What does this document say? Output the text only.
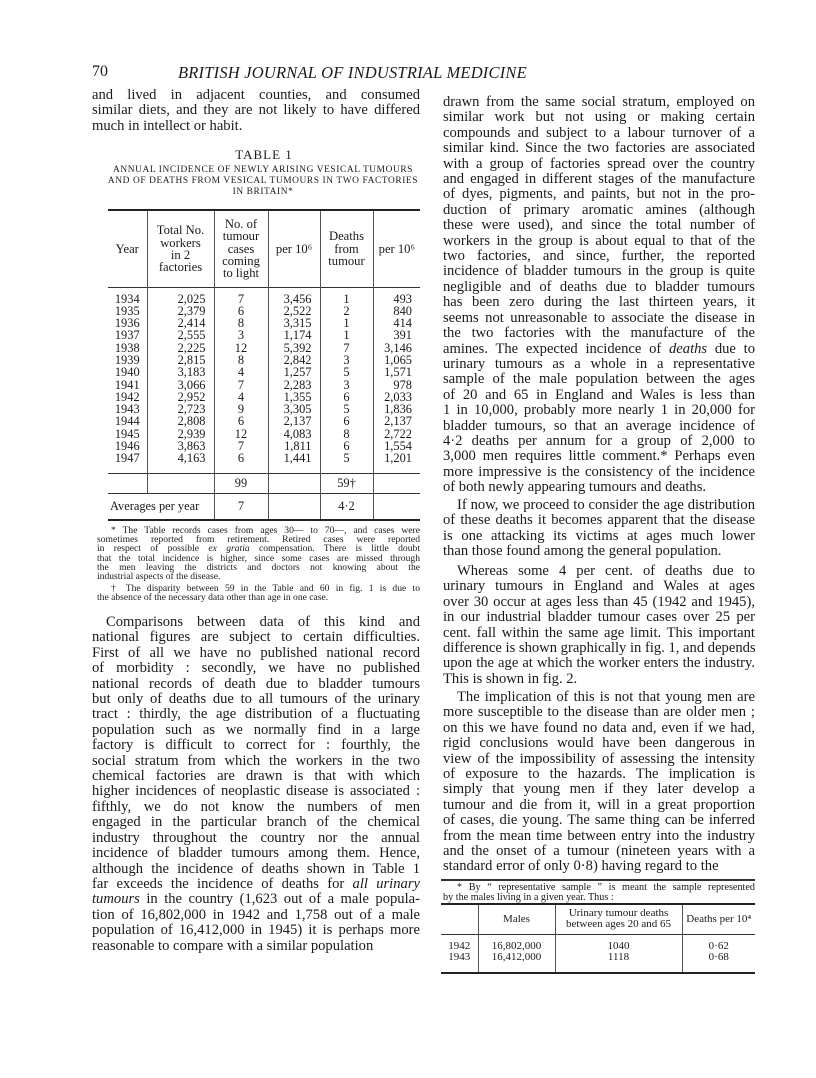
70	BRITISH JOURNAL OF INDUSTRIAL MEDICINE
and lived in adjacent counties, and consumed
similar diets, and they are not likely to have differed
much in intellect or habit.
TABLE 1
ANNUAL INCIDENCE OF NEWLY ARISING VESICAL TUMOURS
AND OF DEATHS FROM VESICAL TUMOURS IN TWO FACTORIES
IN BRITAIN*
Year	Total No.
workers
in 2
factories	No. of
tumour
cases
coming
to light	per 10⁶	Deaths
from
tumour	per 10⁶
1934	2,025	7	3,456	1	493
1935	2,379	6	2,522	2	840
1936	2,414	8	3,315	1	414
1937	2,555	3	1,174	1	391
1938	2,225	12	5,392	7	3,146
1939	2,815	8	2,842	3	1,065
1940	3,183	4	1,257	5	1,571
1941	3,066	7	2,283	3	978
1942	2,952	4	1,355	6	2,033
1943	2,723	9	3,305	5	1,836
1944	2,808	6	2,137	6	2,137
1945	2,939	12	4,083	8	2,722
1946	3,863	7	1,811	6	1,554
1947	4,163	6	1,441	5	1,201
		99		59†	
Averages per year		7		4·2	
* The Table records cases from ages 30— to 70—, and cases were
sometimes reported from retirement. Retired cases were reported
in respect of possible ex gratia compensation. There is little doubt
that the total incidence is higher, since some cases are missed through
the men leaving the districts and doctors not knowing about the
industrial aspects of the disease.
† The disparity between 59 in the Table and 60 in fig. 1 is due to
the absence of the necessary data other than age in one case.
Comparisons between data of this kind and
national figures are subject to certain difficulties.
First of all we have no published national record
of morbidity : secondly, we have no published
national records of death due to bladder tumours
but only of deaths due to all tumours of the urinary
tract : thirdly, the age distribution of a fluctuating
population such as we normally find in a large
factory is difficult to correct for : fourthly, the
social stratum from which the workers in the two
chemical factories are drawn is that with which
higher incidences of neoplastic disease is associated :
fifthly, we do not know the numbers of men
engaged in the particular branch of the chemical
industry throughout the country nor the annual
incidence of bladder tumours among them. Hence,
although the incidence of deaths shown in Table 1
far exceeds the incidence of deaths for all urinary
tumours in the country (1,623 out of a male popula-
tion of 16,802,000 in 1942 and 1,758 out of a male
population of 16,412,000 in 1945) it is perhaps more
reasonable to compare with a similar population
drawn from the same social stratum, employed on
similar work but not using or making certain
compounds and subject to a labour turnover of a
similar kind. Since the two factories are associated
with a group of factories spread over the country
and engaged in different stages of the manufacture
of dyes, pigments, and paints, but not in the pro-
duction of primary aromatic amines (although
these were used), and since the total number of
workers in the group is about equal to that of the
two factories, and since, further, the reported
incidence of bladder tumours in the group is quite
negligible and of deaths due to bladder tumours
has been zero during the last thirteen years, it
seems not unreasonable to associate the disease in
the two factories with the manufacture of the
amines. The expected incidence of deaths due to
urinary tumours as a whole in a representative
sample of the male population between the ages
of 20 and 65 in England and Wales is less than
1 in 10,000, probably more nearly 1 in 20,000 for
bladder tumours, so that an average incidence of
4·2 deaths per annum for a group of 2,000 to
3,000 men requires little comment.* Perhaps even
more impressive is the consistency of the incidence
of both newly appearing tumours and deaths.
If now, we proceed to consider the age distribution
of these deaths it becomes apparent that the disease
is one attacking its victims at ages much lower
than those found among the general population.
Whereas some 4 per cent. of deaths due to
urinary tumours in England and Wales at ages
over 30 occur at ages less than 45 (1942 and 1945),
in our industrial bladder tumour cases over 25 per
cent. fall within the same age limit. This important
difference is shown graphically in fig. 1, and depends
upon the age at which the worker enters the industry.
This is shown in fig. 2.
The implication of this is not that young men are
more susceptible to the disease than are older men ;
on this we have found no data and, even if we had,
rigid conclusions would have been dangerous in
view of the impossibility of assessing the intensity
of exposure to the hazards. The implication is
simply that young men if they later develop a
tumour and die from it, will in a great proportion
of cases, die young. The same thing can be inferred
from the mean time between entry into the industry
and the onset of a tumour (nineteen years with a
standard error of only 0·8) having regard to the
* By “ representative sample ” is meant the sample represented
by the males living in a given year. Thus :
	Males	Urinary tumour deaths
between ages 20 and 65	Deaths per 10⁴
1942	16,802,000	1040	0·62
1943	16,412,000	1118	0·68
